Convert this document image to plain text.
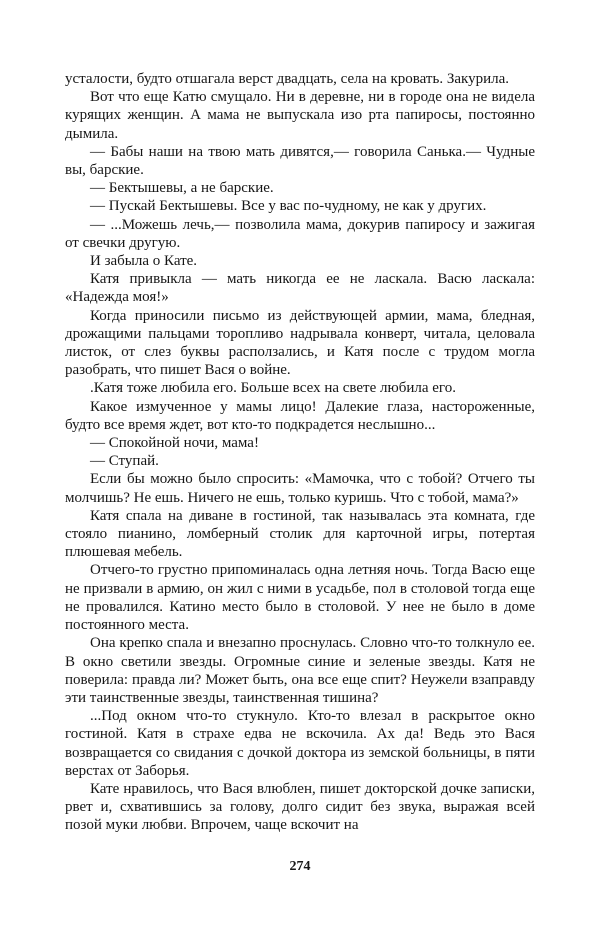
усталости, будто отшагала верст двадцать, села на кровать. Закурила.

Вот что еще Катю смущало. Ни в деревне, ни в городе она не видела курящих женщин. А мама не выпускала изо рта папиросы, постоянно дымила.

— Бабы наши на твою мать дивятся,— говорила Санька.— Чудные вы, барские.

— Бектышевы, а не барские.

— Пускай Бектышевы. Все у вас по-чудному, не как у других.

— ...Можешь лечь,— позволила мама, докурив папиросу и зажигая от свечки другую.

И забыла о Кате.

Катя привыкла — мать никогда ее не ласкала. Васю ласкала: «Надежда моя!»

Когда приносили письмо из действующей армии, мама, бледная, дрожащими пальцами торопливо надрывала конверт, читала, целовала листок, от слез буквы расползались, и Катя после с трудом могла разобрать, что пишет Вася о войне.

.Катя тоже любила его. Больше всех на свете любила его.

Какое измученное у мамы лицо! Далекие глаза, настороженные, будто все время ждет, вот кто-то подкрадется неслышно...

— Спокойной ночи, мама!

— Ступай.

Если бы можно было спросить: «Мамочка, что с тобой? Отчего ты молчишь? Не ешь. Ничего не ешь, только куришь. Что с тобой, мама?»

Катя спала на диване в гостиной, так называлась эта комната, где стояло пианино, ломберный столик для карточной игры, потертая плюшевая мебель.

Отчего-то грустно припоминалась одна летняя ночь. Тогда Васю еще не призвали в армию, он жил с ними в усадьбе, пол в столовой тогда еще не провалился. Катино место было в столовой. У нее не было в доме постоянного места.

Она крепко спала и внезапно проснулась. Словно что-то толкнуло ее. В окно светили звезды. Огромные синие и зеленые звезды. Катя не поверила: правда ли? Может быть, она все еще спит? Неужели взаправду эти таинственные звезды, таинственная тишина?

...Под окном что-то стукнуло. Кто-то влезал в раскрытое окно гостиной. Катя в страхе едва не вскочила. Ах да! Ведь это Вася возвращается со свидания с дочкой доктора из земской больницы, в пяти верстах от Заборья.

Кате нравилось, что Вася влюблен, пишет докторской дочке записки, рвет и, схватившись за голову, долго сидит без звука, выражая всей позой муки любви. Впрочем, чаще вскочит на

274
